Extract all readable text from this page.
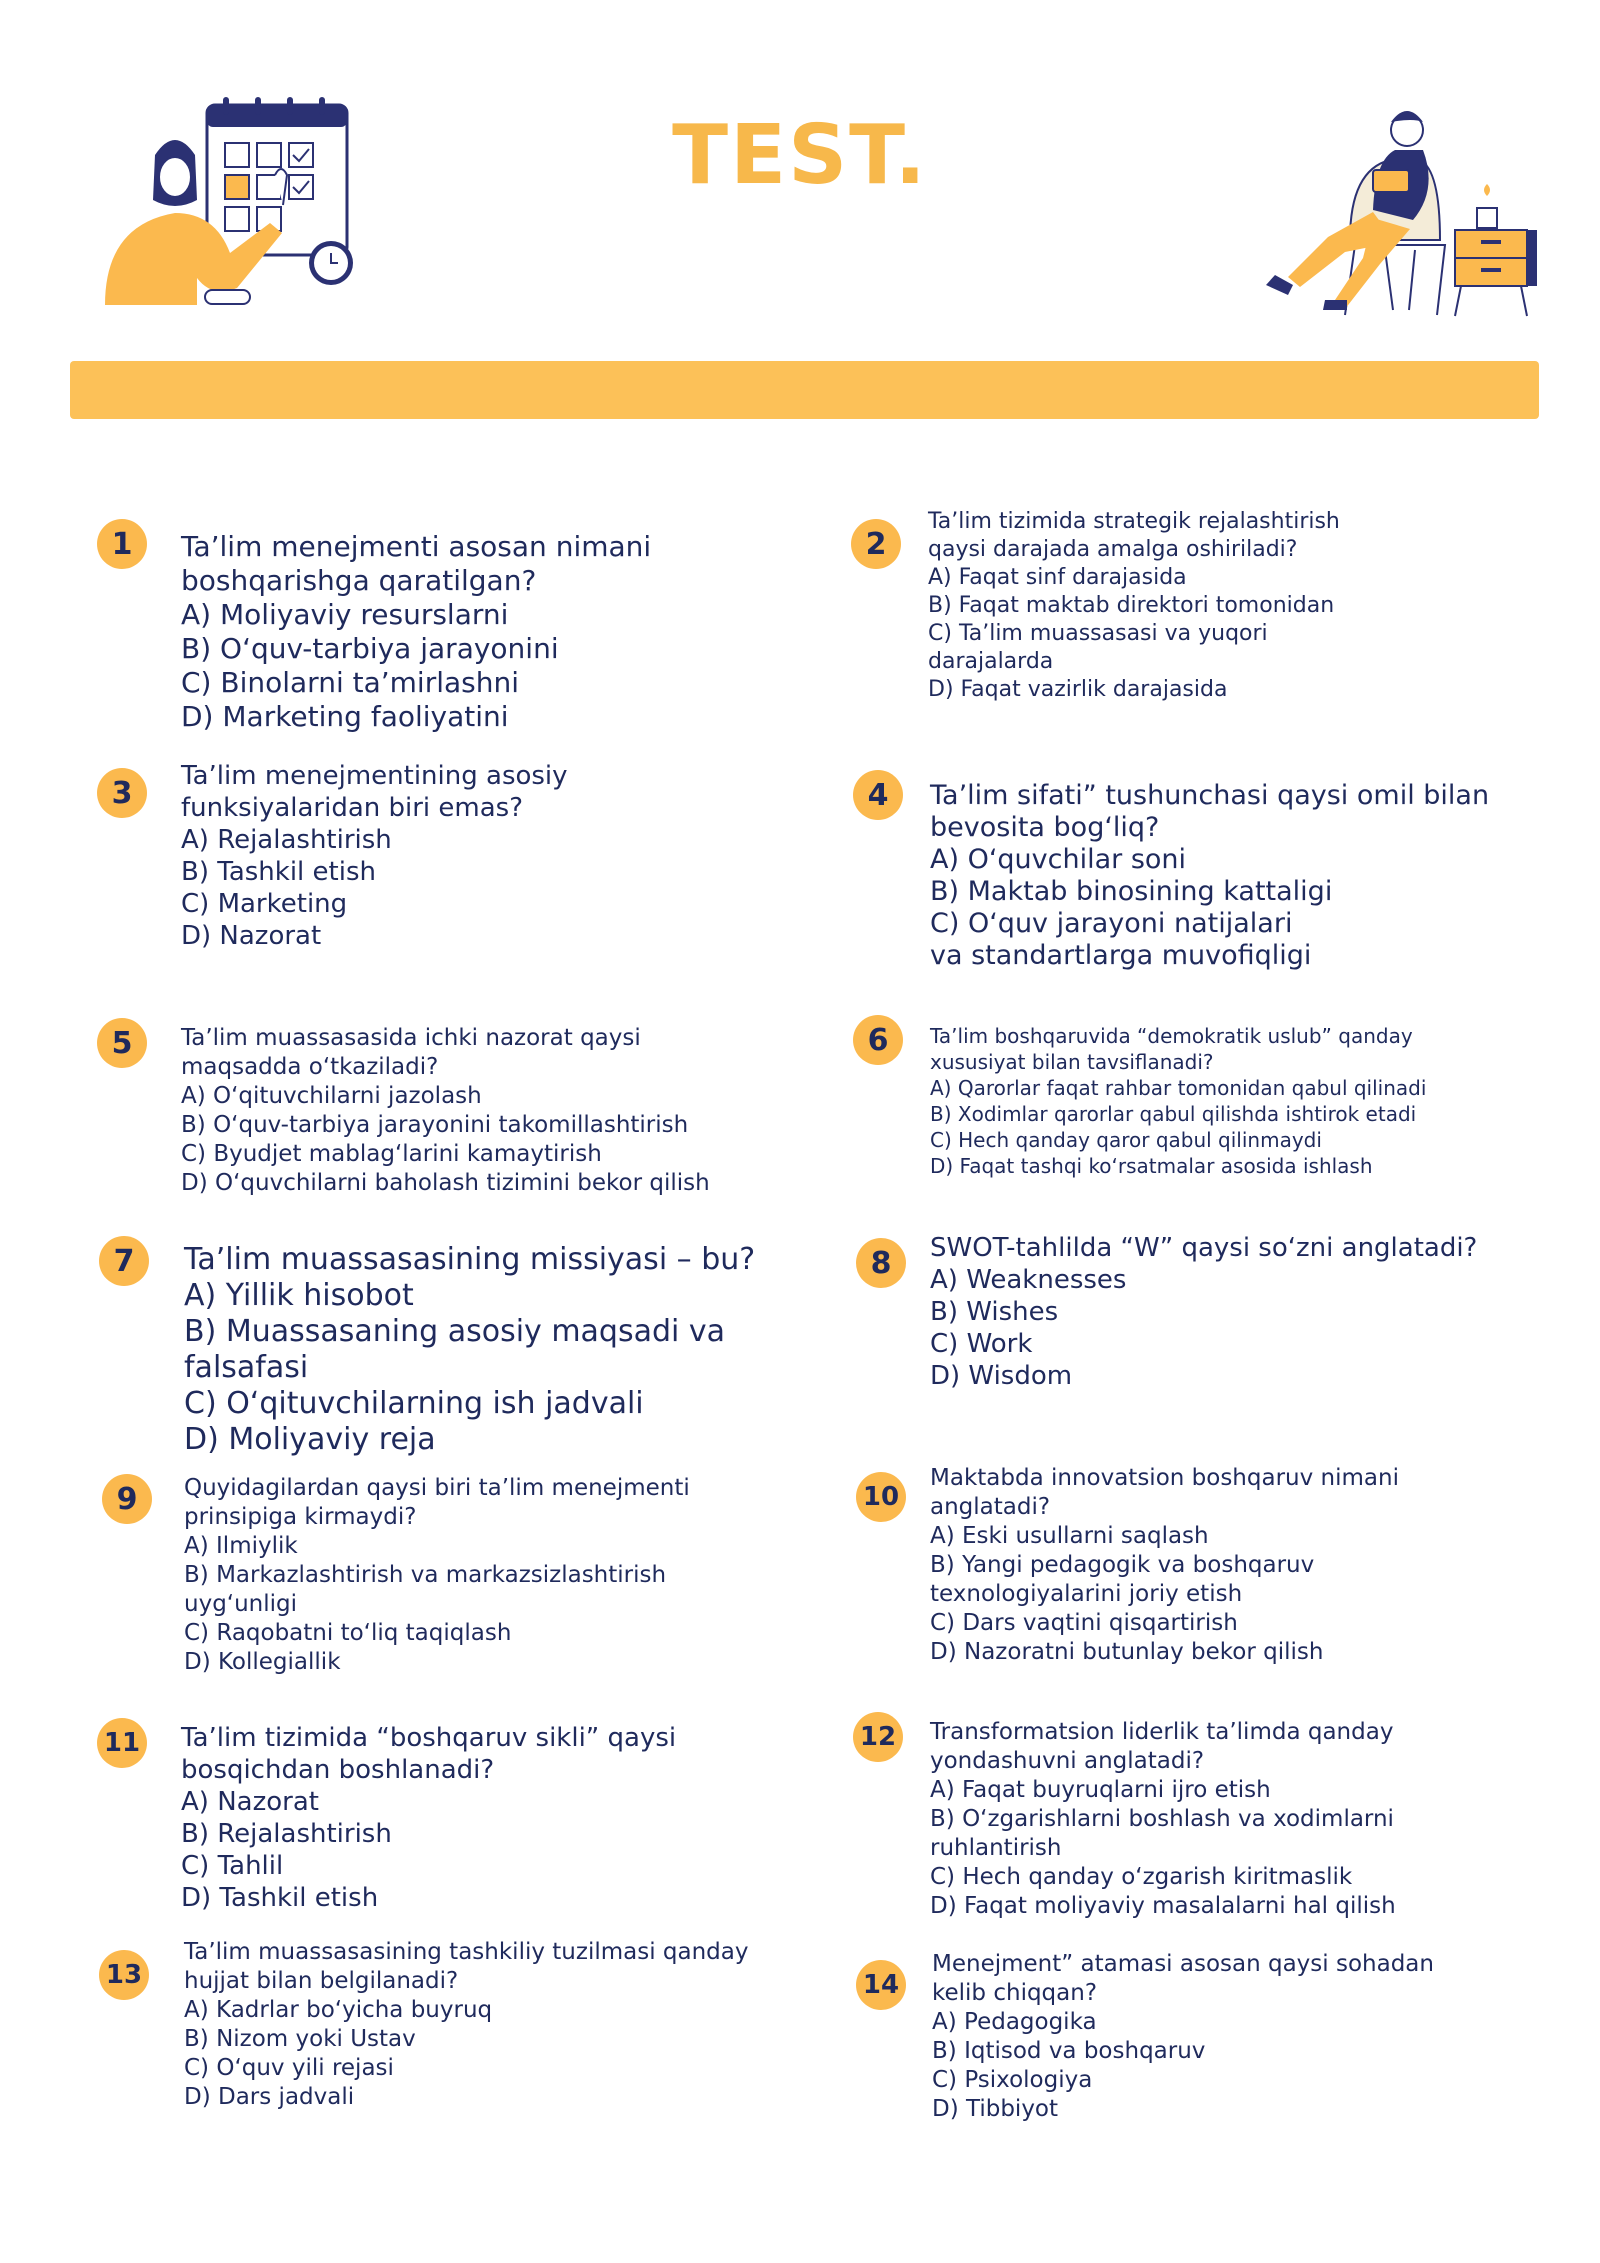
TEST.
1	Ta’lim menejmenti asosan nimani boshqarishga qaratilgan?
A) Moliyaviy resurslarni
B) O‘quv-tarbiya jarayonini
C) Binolarni ta’mirlashni
D) Marketing faoliyatini
2
Ta’lim tizimida strategik rejalashtirish qaysi darajada amalga oshiriladi?
A) Faqat sinf darajasida
B) Faqat maktab direktori tomonidan
C) Ta’lim muassasasi va yuqori darajalarda
D) Faqat vazirlik darajasida
3	Ta’lim menejmentining asosiy funksiyalaridan biri emas?
A) Rejalashtirish
B) Tashkil etish
C) Marketing
D) Nazorat
4	Ta’lim sifati” tushunchasi qaysi omil bilan bevosita bog‘liq?
A) O‘quvchilar soni
B) Maktab binosining kattaligi
C) O‘quv jarayoni natijalari va standartlarga muvofiqligi
5	Ta’lim muassasasida ichki nazorat qaysi maqsadda o‘tkaziladi?
A) O‘qituvchilarni jazolash
B) O‘quv-tarbiya jarayonini takomillashtirish
C) Byudjet mablag‘larini kamaytirish
D) O‘quvchilarni baholash tizimini bekor qilish
6	Ta’lim boshqaruvida “demokratik uslub” qanday xususiyat bilan tavsiflanadi?
A) Qarorlar faqat rahbar tomonidan qabul qilinadi
B) Xodimlar qarorlar qabul qilishda ishtirok etadi
C) Hech qanday qaror qabul qilinmaydi
D) Faqat tashqi ko‘rsatmalar asosida ishlash
7	Ta’lim muassasasining missiyasi – bu?
A) Yillik hisobot
B) Muassasaning asosiy maqsadi va falsafasi
C) O‘qituvchilarning ish jadvali
D) Moliyaviy reja
8	SWOT-tahlilda “W” qaysi so‘zni anglatadi?
A) Weaknesses
B) Wishes
C) Work
D) Wisdom
9	Quyidagilardan qaysi biri ta’lim menejmenti prinsipiga kirmaydi?
A) Ilmiylik
B) Markazlashtirish va markazsizlashtirish uyg‘unligi
C) Raqobatni to‘liq taqiqlash
D) Kollegiallik
10
Maktabda innovatsion boshqaruv nimani anglatadi?
A) Eski usullarni saqlash
B) Yangi pedagogik va boshqaruv texnologiyalarini joriy etish
C) Dars vaqtini qisqartirish
D) Nazoratni butunlay bekor qilish
11 Ta’lim tizimida “boshqaruv sikli” qaysi bosqichdan boshlanadi?
A) Nazorat
B) Rejalashtirish
C) Tahlil
D) Tashkil etish
12	Transformatsion liderlik ta’limda qanday yondashuvni anglatadi?
A) Faqat buyruqlarni ijro etish
B) O‘zgarishlarni boshlash va xodimlarni ruhlantirish
C) Hech qanday o‘zgarish kiritmaslik
D) Faqat moliyaviy masalalarni hal qilish
13
Ta’lim muassasasining tashkiliy tuzilmasi qanday hujjat bilan belgilanadi?
A) Kadrlar bo‘yicha buyruq
B) Nizom yoki Ustav
C) O‘quv yili rejasi
D) Dars jadvali
14
Menejment” atamasi asosan qaysi sohadan kelib chiqqan?
A) Pedagogika
B) Iqtisod va boshqaruv
C) Psixologiya
D) Tibbiyot
